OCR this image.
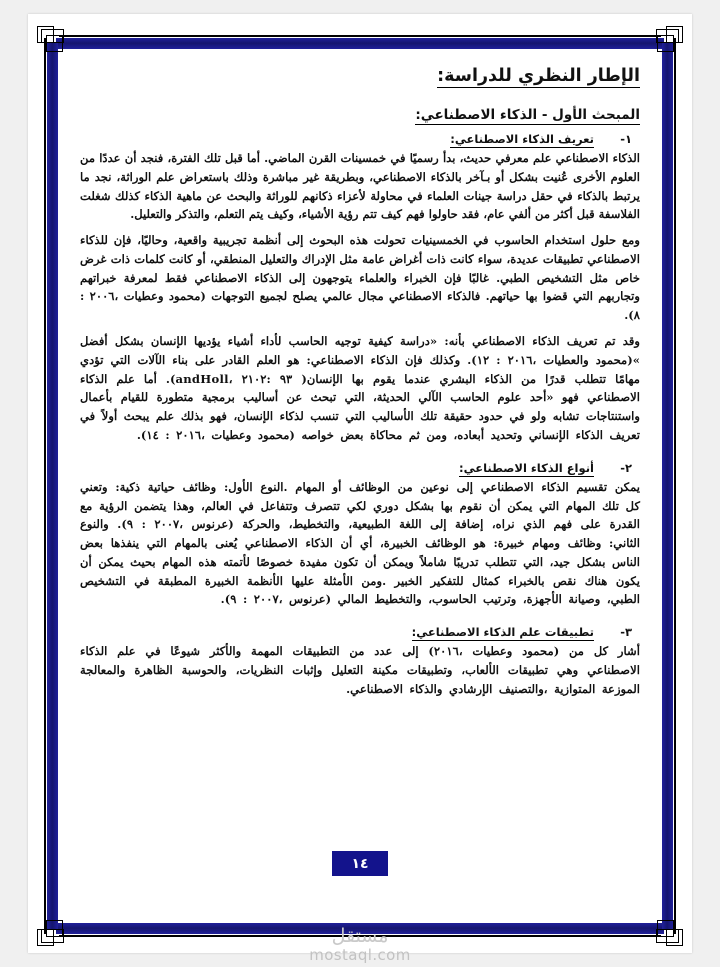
الإطار النظري للدراسة:
المبحث الأول - الذكاء الاصطناعي:
١- تعريف الذكاء الاصطناعي:

الذكاء الاصطناعي علم معرفي حديث، بدأ رسميًا في خمسينات القرن الماضي. أما قبل تلك الفترة، فنجد أن عددًا من العلوم الأخرى عُنيت بشكل أو بـآخر بالذكاء الاصطناعي، وبطريقة غير مباشرة وذلك باستعراض علم الوراثة، نجد ما يرتبط بالذكاء في حقل دراسة جينات العلماء في محاولة لأعزاء ذكانهم للوراثة والبحث عن ماهية الذكاء كذلك شغلت الفلاسفة قبل أكثر من ألفي عام، فقد حاولوا فهم كيف تتم رؤية الأشياء، وكيف يتم التعلم، والتذكر والتعليل.

ومع حلول استخدام الحاسوب في الخمسينيات تحولت هذه البحوث إلى أنظمة تجريبية واقعية، وحاليًا، فإن للذكاء الاصطناعي تطبيقات عديدة، سواء كانت ذات أغراض عامة مثل الإدراك والتعليل المنطقي، أو كانت كلمات ذات غرض خاص مثل التشخيص الطبي. غالبًا فإن الخبراء والعلماء يتوجهون إلى الذكاء الاصطناعي فقط لمعرفة خبراتهم وتجاربهم التي قضوا بها حياتهم. فالذكاء الاصطناعي مجال عالمي يصلح لجميع التوجهات (محمود وعطيات ،٢٠٠٦ : ٨).

وقد تم تعريف الذكاء الاصطناعي بأنه: «دراسة كيفية توجيه الحاسب لأداء أشياء يؤديها الإنسان بشكل أفضل »(محمود والعطيات ،٢٠١٦ : ١٢). وكذلك فإن الذكاء الاصطناعي: هو العلم القادر على بناء الآلات التي تؤدي مهامًا تتطلب قدرًا من الذكاء البشري عندما يقوم بها الإنسان( ٩٣ :٢١٠٢ ،andHoll). أما علم الذكاء الاصطناعي فهو «أحد علوم الحاسب الآلي الحديثة، التي تبحث عن أساليب برمجية متطورة للقيام بأعمال واستنتاجات تشابه ولو في حدود حقيقة تلك الأساليب التي تنسب لذكاء الإنسان، فهو بذلك علم يبحث أولاً في تعريف الذكاء الإنساني وتحديد أبعاده، ومن ثم محاكاة بعض خواصه (محمود وعطيات ،٢٠١٦ : ١٤).

٢- أنواع الذكاء الاصطناعي:

يمكن تقسيم الذكاء الاصطناعي إلى نوعين من الوظائف أو المهام .النوع الأول: وظائف حياتية ذكية: وتعني كل تلك المهام التي يمكن أن نقوم بها بشكل دوري لكي تتصرف وتتفاعل في العالم، وهذا يتضمن الرؤية مع القدرة على فهم الذي نراه، إضافة إلى اللغة الطبيعية، والتخطيط، والحركة (عرنوس ،٢٠٠٧ : ٩). والنوع الثاني: وظائف ومهام خبيرة: هو الوظائف الخبيرة، أي أن الذكاء الاصطناعي يُعنى بالمهام التي ينفذها بعض الناس بشكل جيد، التي تتطلب تدريبًا شاملاً ويمكن أن تكون مفيدة خصوصًا لأتمته هذه المهام بحيث يمكن أن يكون هناك نقص بالخبراء كمثال للتفكير الخبير .ومن الأمثلة عليها الأنظمة الخبيرة المطبقة في التشخيص الطبي، وصيانة الأجهزة، وترتيب الحاسوب، والتخطيط المالي (عرنوس ،٢٠٠٧ : ٩).

٣- تطبيقات علم الذكاء الاصطناعي:

أشار كل من (محمود وعطيات ،٢٠١٦) إلى عدد من التطبيقات المهمة والأكثر شيوعًا في علم الذكاء الاصطناعي وهي تطبيقات الألعاب، وتطبيقات مكينة التعليل وإثبات النظريات، والحوسبة الظاهرة والمعالجة الموزعة المتوازية ،والتصنيف الإرشادي والذكاء الاصطناعي.

١٤
مستقل
mostaql.com
